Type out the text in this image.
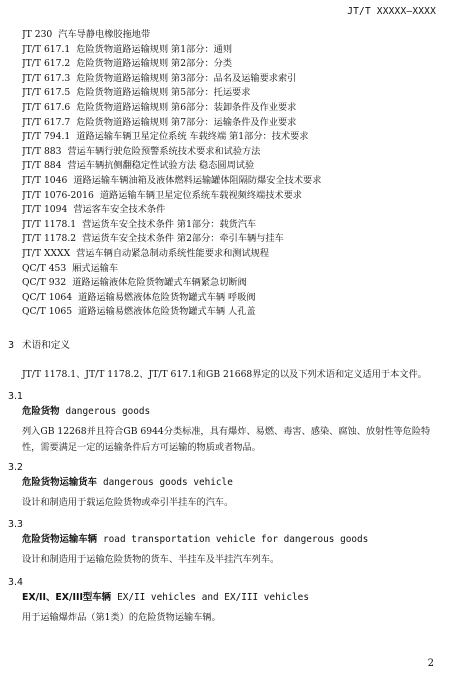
JT/T XXXXX—XXXX
JT 230 汽车导静电橡胶拖地带
JT/T 617.1 危险货物道路运输规则 第1部分：通则
JT/T 617.2 危险货物道路运输规则 第2部分：分类
JT/T 617.3 危险货物道路运输规则 第3部分：品名及运输要求索引
JT/T 617.5 危险货物道路运输规则 第5部分：托运要求
JT/T 617.6 危险货物道路运输规则 第6部分：装卸条件及作业要求
JT/T 617.7 危险货物道路运输规则 第7部分：运输条件及作业要求
JT/T 794.1 道路运输车辆卫星定位系统 车载终端 第1部分：技术要求
JT/T 883 营运车辆行驶危险预警系统技术要求和试验方法
JT/T 884 营运车辆抗侧翻稳定性试验方法 稳态圆周试验
JT/T 1046 道路运输车辆油箱及液体燃料运输罐体阻隔防爆安全技术要求
JT/T 1076-2016 道路运输车辆卫星定位系统车载视频终端技术要求
JT/T 1094 营运客车安全技术条件
JT/T 1178.1 营运货车安全技术条件 第1部分：载货汽车
JT/T 1178.2 营运货车安全技术条件 第2部分：牵引车辆与挂车
JT/T XXXX 营运车辆自动紧急制动系统性能要求和测试规程
QC/T 453 厢式运输车
QC/T 932 道路运输液体危险货物罐式车辆紧急切断阀
QC/T 1064 道路运输易燃液体危险货物罐式车辆 呼吸阀
QC/T 1065 道路运输易燃液体危险货物罐式车辆 人孔盖
3 术语和定义
JT/T 1178.1、JT/T 1178.2、JT/T 617.1和GB 21668界定的以及下列术语和定义适用于本文件。
3.1
危险货物 dangerous goods
列入GB 12268并且符合GB 6944分类标准，具有爆炸、易燃、毒害、感染、腐蚀、放射性等危险特性，需要满足一定的运输条件后方可运输的物质或者物品。
3.2
危险货物运输货车 dangerous goods vehicle
设计和制造用于载运危险货物或牵引半挂车的汽车。
3.3
危险货物运输车辆 road transportation vehicle for dangerous goods
设计和制造用于运输危险货物的货车、半挂车及半挂汽车列车。
3.4
EX/II、EX/III型车辆 EX/II vehicles and EX/III vehicles
用于运输爆炸品（第1类）的危险货物运输车辆。
2
